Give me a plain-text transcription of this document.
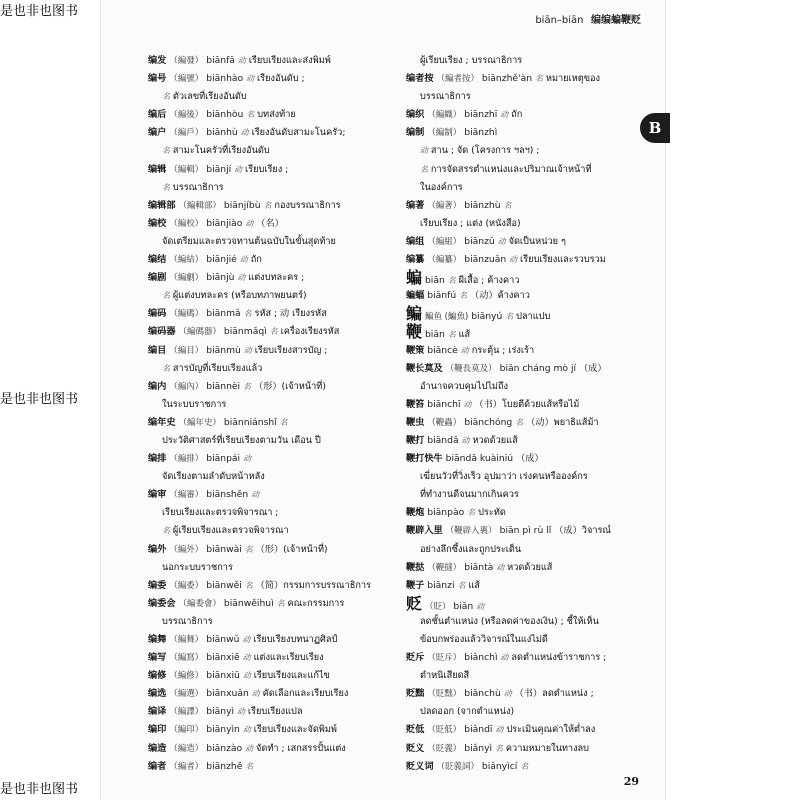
是也非也图书
是也非也图书
是也非也图书
biān–biān 编编蝙鞭贬
编发 （編發） biānfā 动 เรียบเรียงและส่งพิมพ์
编号 （編號） biānhào 动 เรียงอันดับ ;
名 ตัวเลขที่เรียงอันดับ
编后 （編後） biānhòu 名 บทส่งท้าย
编户 （編戶） biānhù 动 เรียงอันดับสามะโนครัว;
名 สามะโนครัวที่เรียงอันดับ
编辑 （編輯） biānjí 动 เรียบเรียง ;
名 บรรณาธิการ
编辑部 （編輯部） biānjíbù 名 กองบรรณาธิการ
编校 （編校） biānjiào 动 （名）
จัดเตรียมและตรวจทานต้นฉบับในขั้นสุดท้าย
编结 （編結） biānjié 动 ถัก
编剧 （編劇） biānjù 动 แต่งบทละคร ;
名 ผู้แต่งบทละคร (หรือบทภาพยนตร์)
编码 （編碼） biānmǎ 名 รหัส ; 动 เรียงรหัส
编码器 （編碼器） biānmǎqì 名 เครื่องเรียงรหัส
编目 （編目） biānmù 动 เรียบเรียงสารบัญ ;
名 สารบัญที่เรียบเรียงแล้ว
编内 （編內） biānnèi 名 （形）(เจ้าหน้าที่)
ในระบบราชการ
编年史 （編年史） biānniánshǐ 名
ประวัติศาสตร์ที่เรียบเรียงตามวัน เดือน ปี
编排 （編排） biānpái 动
จัดเรียงตามลำดับหน้าหลัง
编审 （編審） biānshěn 动
เรียบเรียงและตรวจพิจารณา ;
名 ผู้เรียบเรียงและตรวจพิจารณา
编外 （編外） biānwài 名 （形）(เจ้าหน้าที่)
นอกระบบราชการ
编委 （編委） biānwěi 名 （简）กรรมการบรรณาธิการ
编委会 （編委會） biānwěihuì 名 คณะกรรมการ
บรรณาธิการ
编舞 （編舞） biānwǔ 动 เรียบเรียงบทนาฏศิลป์
编写 （編寫） biānxiě 动 แต่งและเรียบเรียง
编修 （編修） biānxiū 动 เรียบเรียงและแก้ไข
编选 （編選） biānxuǎn 动 คัดเลือกและเรียบเรียง
编译 （編譯） biānyì 动 เรียบเรียงแปล
编印 （編印） biānyìn 动 เรียบเรียงและจัดพิมพ์
编造 （編造） biānzào 动 จัดทำ ; เสกสรรปั้นแต่ง
编者 （編者） biānzhě 名
ผู้เรียบเรียง ; บรรณาธิการ
编者按 （編者按） biānzhě'àn 名 หมายเหตุของ
บรรณาธิการ
编织 （編織） biānzhī 动 ถัก
编制 （編制） biānzhì
动 สาน ; จัด (โครงการ ฯลฯ) ;
名 การจัดสรรตำแหน่งและปริมาณเจ้าหน้าที่
ในองค์การ
编著 （編著） biānzhù 名
เรียบเรียง ; แต่ง (หนังสือ)
编组 （編組） biānzǔ 动 จัดเป็นหน่วย ๆ
编纂 （編纂） biānzuǎn 动 เรียบเรียงและรวบรวม
蝙 biān 名 ผีเสื้อ ; ค้างคาว
蝙蝠 biānfú 名 （动）ค้างคาว
鳊 鳊鱼 (鯿魚) biānyú 名 ปลาแปบ
鞭 biān 名 แส้
鞭策 biāncè 动 กระตุ้น ; เร่งเร้า
鞭长莫及 （鞭長莫及） biān cháng mò jí （成）
อำนาจควบคุมไปไม่ถึง
鞭笞 biānchī 动 （书）โบยตีด้วยแส้หรือไม้
鞭虫 （鞭蟲） biānchóng 名 （动）พยาธิแส้ม้า
鞭打 biāndǎ 动 หวดด้วยแส้
鞭打快牛 biāndǎ kuàiniú （成）
เฆี่ยนวัวที่วิ่งเร็ว อุปมาว่า เร่งคนหรือองค์กร
ที่ทำงานดีจนมากเกินควร
鞭炮 biānpào 名 ประทัด
鞭辟入里 （鞭辟入裏） biān pì rù lǐ （成）วิจารณ์
อย่างลึกซึ้งและถูกประเด็น
鞭挞 （鞭撻） biāntà 动 หวดด้วยแส้
鞭子 biānzi 名 แส้
贬 （貶） biǎn 动
ลดชั้นตำแหน่ง (หรือลดค่าของเงิน) ; ชี้ให้เห็น
ข้อบกพร่องแล้ววิจารณ์ในแง่ไม่ดี
贬斥 （貶斥） biǎnchì 动 ลดตำแหน่งข้าราชการ ;
ตำหนิเสียดสี
贬黜 （貶黜） biǎnchù 动 （书）ลดตำแหน่ง ;
ปลดออก (จากตำแหน่ง)
贬低 （貶低） biǎndī 动 ประเมินคุณค่าให้ต่ำลง
贬义 （貶義） biǎnyì 名 ความหมายในทางลบ
贬义词 （貶義詞） biǎnyìcí 名
29
B
